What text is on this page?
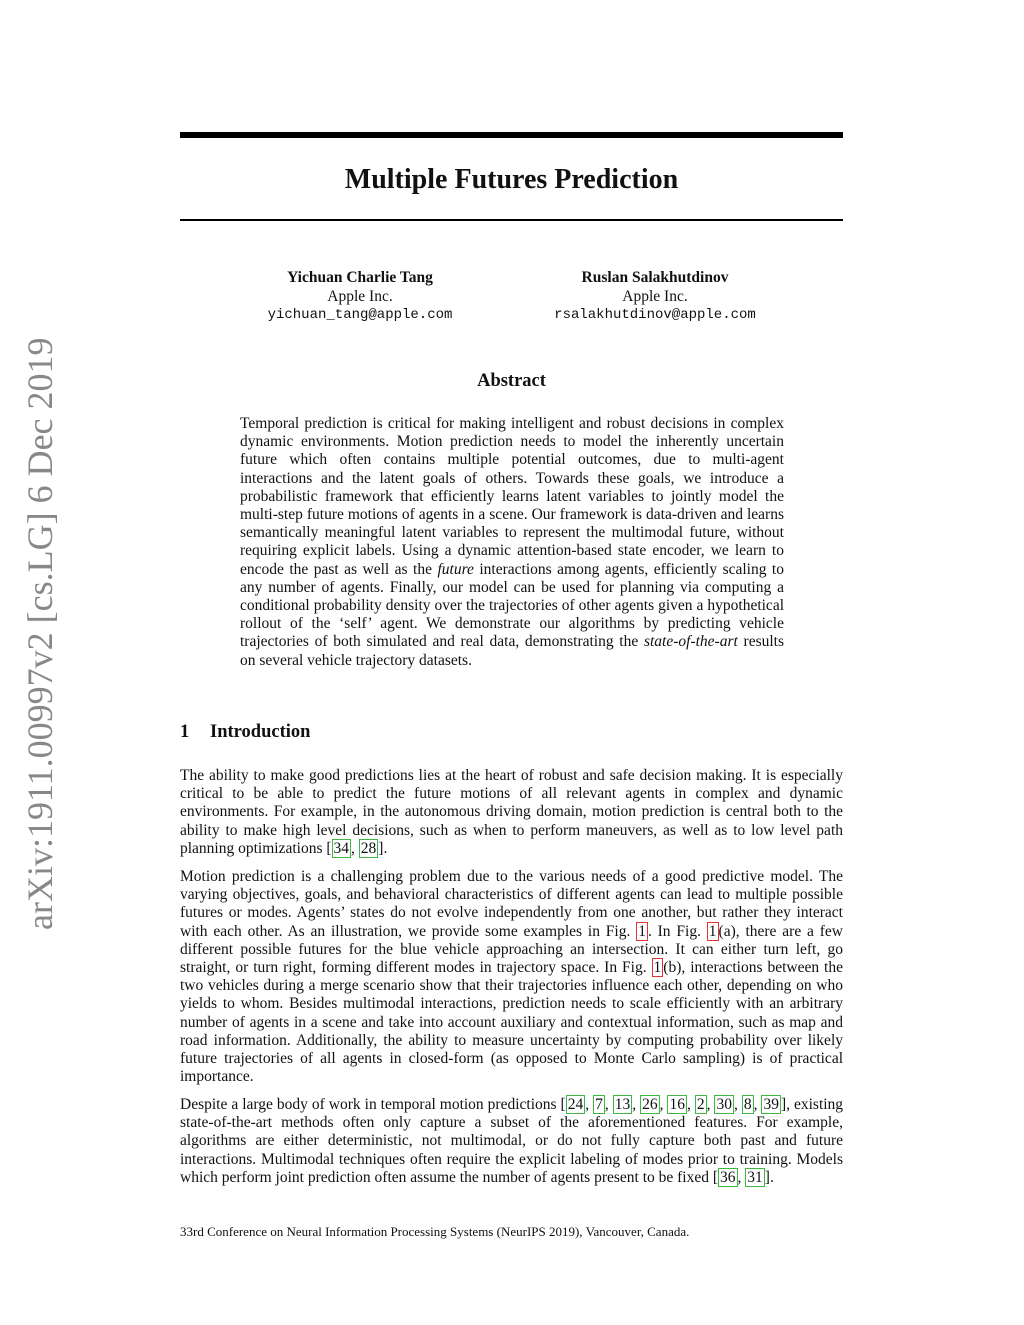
arXiv:1911.00997v2 [cs.LG] 6 Dec 2019
Multiple Futures Prediction
Yichuan Charlie Tang
Apple Inc.
yichuan_tang@apple.com
Ruslan Salakhutdinov
Apple Inc.
rsalakhutdinov@apple.com
Abstract

Temporal prediction is critical for making intelligent and robust decisions in complex dynamic environments. Motion prediction needs to model the inherently uncertain future which often contains multiple potential outcomes, due to multi-agent interactions and the latent goals of others. Towards these goals, we introduce a probabilistic framework that efficiently learns latent variables to jointly model the multi-step future motions of agents in a scene. Our framework is data-driven and learns semantically meaningful latent variables to represent the multimodal future, without requiring explicit labels. Using a dynamic attention-based state encoder, we learn to encode the past as well as the future interactions among agents, efficiently scaling to any number of agents. Finally, our model can be used for planning via computing a conditional probability density over the trajectories of other agents given a hypothetical rollout of the ‘self’ agent. We demonstrate our algorithms by predicting vehicle trajectories of both simulated and real data, demonstrating the state-of-the-art results on several vehicle trajectory datasets.

1 Introduction

The ability to make good predictions lies at the heart of robust and safe decision making. It is especially critical to be able to predict the future motions of all relevant agents in complex and dynamic environments. For example, in the autonomous driving domain, motion prediction is central both to the ability to make high level decisions, such as when to perform maneuvers, as well as to low level path planning optimizations [ 34 , 28 ].

Motion prediction is a challenging problem due to the various needs of a good predictive model. The varying objectives, goals, and behavioral characteristics of different agents can lead to multiple possible futures or modes. Agents’ states do not evolve independently from one another, but rather they interact with each other. As an illustration, we provide some examples in Fig. 1 . In Fig. 1 (a), there are a few different possible futures for the blue vehicle approaching an intersection. It can either turn left, go straight, or turn right, forming different modes in trajectory space. In Fig. 1 (b), interactions between the two vehicles during a merge scenario show that their trajectories influence each other, depending on who yields to whom. Besides multimodal interactions, prediction needs to scale efficiently with an arbitrary number of agents in a scene and take into account auxiliary and contextual information, such as map and road information. Additionally, the ability to measure uncertainty by computing probability over likely future trajectories of all agents in closed-form (as opposed to Monte Carlo sampling) is of practical importance.

Despite a large body of work in temporal motion predictions [ 24 , 7 , 13 , 26 , 16 , 2 , 30 , 8 , 39 ], existing state-of-the-art methods often only capture a subset of the aforementioned features. For example, algorithms are either deterministic, not multimodal, or do not fully capture both past and future interactions. Multimodal techniques often require the explicit labeling of modes prior to training. Models which perform joint prediction often assume the number of agents present to be fixed [ 36 , 31 ].

33rd Conference on Neural Information Processing Systems (NeurIPS 2019), Vancouver, Canada.
